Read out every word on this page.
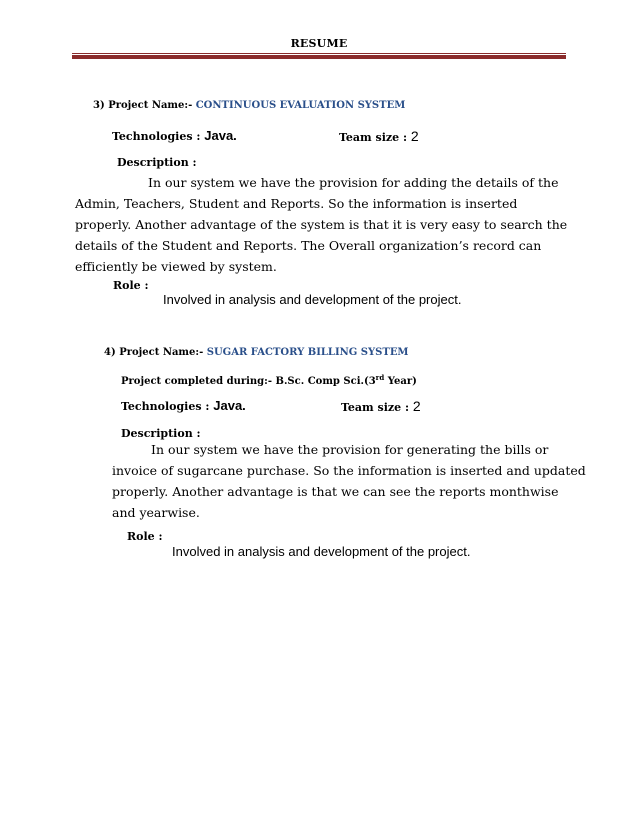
RESUME
3) Project Name:- CONTINUOUS EVALUATION SYSTEM
Technologies : Java.	Team size : 2
Description :
In our system we have the provision for adding the details of the
Admin, Teachers, Student and Reports. So the information is inserted
properly. Another advantage of the system is that it is very easy to search the
details of the Student and Reports. The Overall organization’s record can
efficiently be viewed by system.
Role :
Involved in analysis and development of the project.
4) Project Name:- SUGAR FACTORY BILLING SYSTEM
Project completed during:- B.Sc. Comp Sci.(3rd Year)
Technologies : Java.	Team size : 2
Description :
In our system we have the provision for generating the bills or
invoice of sugarcane purchase. So the information is inserted and updated
properly. Another advantage is that we can see the reports monthwise
and yearwise.
Role :
Involved in analysis and development of the project.
